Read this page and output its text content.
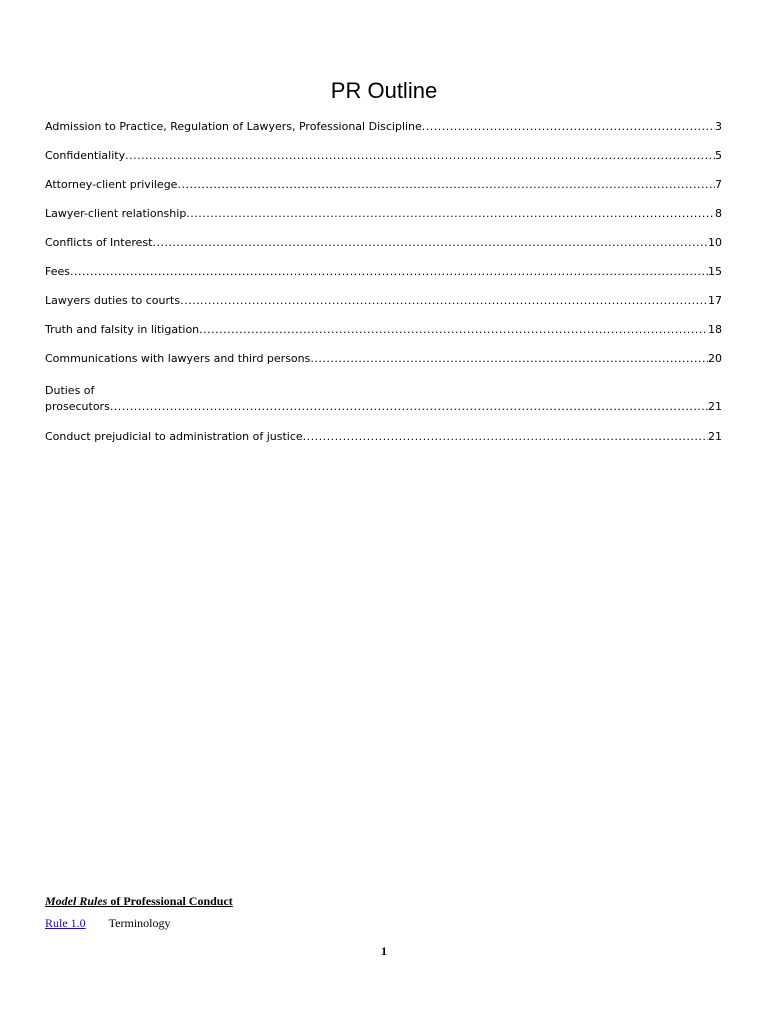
PR Outline
Admission to Practice, Regulation of Lawyers, Professional Discipline .....	3
Confidentiality .....	5
Attorney-client privilege .....	7
Lawyer-client relationship .....	8
Conflicts of Interest .....	10
Fees .....	15
Lawyers duties to courts .....	17
Truth and falsity in litigation .....	18
Communications with lawyers and third persons .....	20
Duties of
prosecutors .....	21
Conduct prejudicial to administration of justice .....	21
Model Rules of Professional Conduct
Rule 1.0 Terminology
1
